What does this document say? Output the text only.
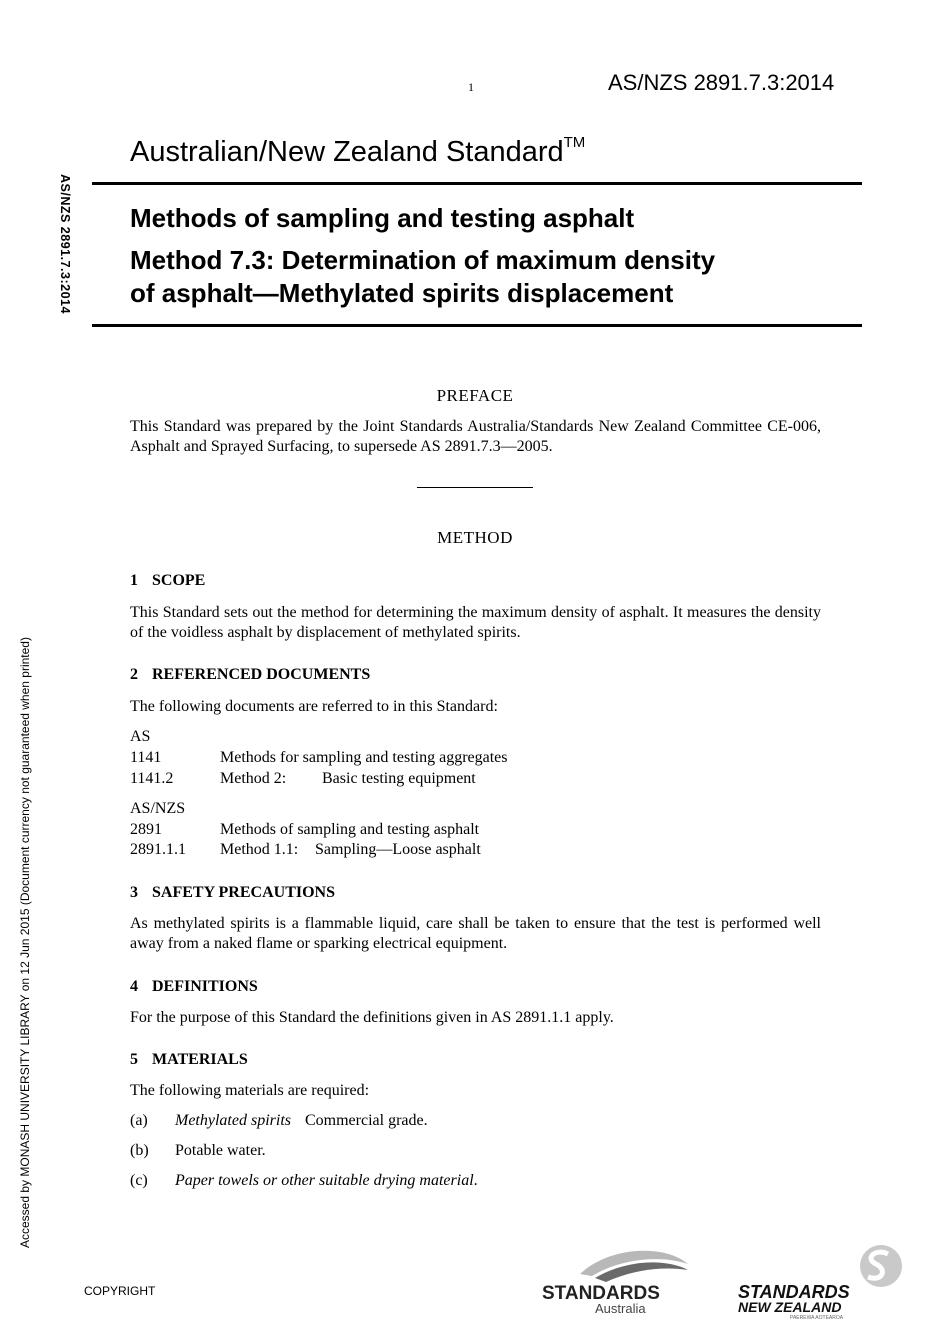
1	AS/NZS 2891.7.3:2014
Australian/New Zealand Standard™
Methods of sampling and testing asphalt
Method 7.3: Determination of maximum density
of asphalt—Methylated spirits displacement
AS/NZS 2891.7.3:2014
Accessed by MONASH UNIVERSITY LIBRARY on 12 Jun 2015 (Document currency not guaranteed when printed)
PREFACE
This Standard was prepared by the Joint Standards Australia/Standards New Zealand Committee CE-006, Asphalt and Sprayed Surfacing, to supersede AS 2891.7.3—2005.
METHOD
1 SCOPE
This Standard sets out the method for determining the maximum density of asphalt. It measures the density of the voidless asphalt by displacement of methylated spirits.
2 REFERENCED DOCUMENTS
The following documents are referred to in this Standard:
AS
1141	Methods for sampling and testing aggregates
1141.2	Method 2: Basic testing equipment
AS/NZS
2891	Methods of sampling and testing asphalt
2891.1.1 Method 1.1: Sampling—Loose asphalt
3 SAFETY PRECAUTIONS
As methylated spirits is a flammable liquid, care shall be taken to ensure that the test is performed well away from a naked flame or sparking electrical equipment.
4 DEFINITIONS
For the purpose of this Standard the definitions given in AS 2891.1.1 apply.
5 MATERIALS
The following materials are required:
(a) Methylated spirits Commercial grade.
(b) Potable water.
(c) Paper towels or other suitable drying material.
COPYRIGHT	STANDARDS
Australia
STANDARDS
NEW ZEALAND
PAEREWA AOTEAROA
